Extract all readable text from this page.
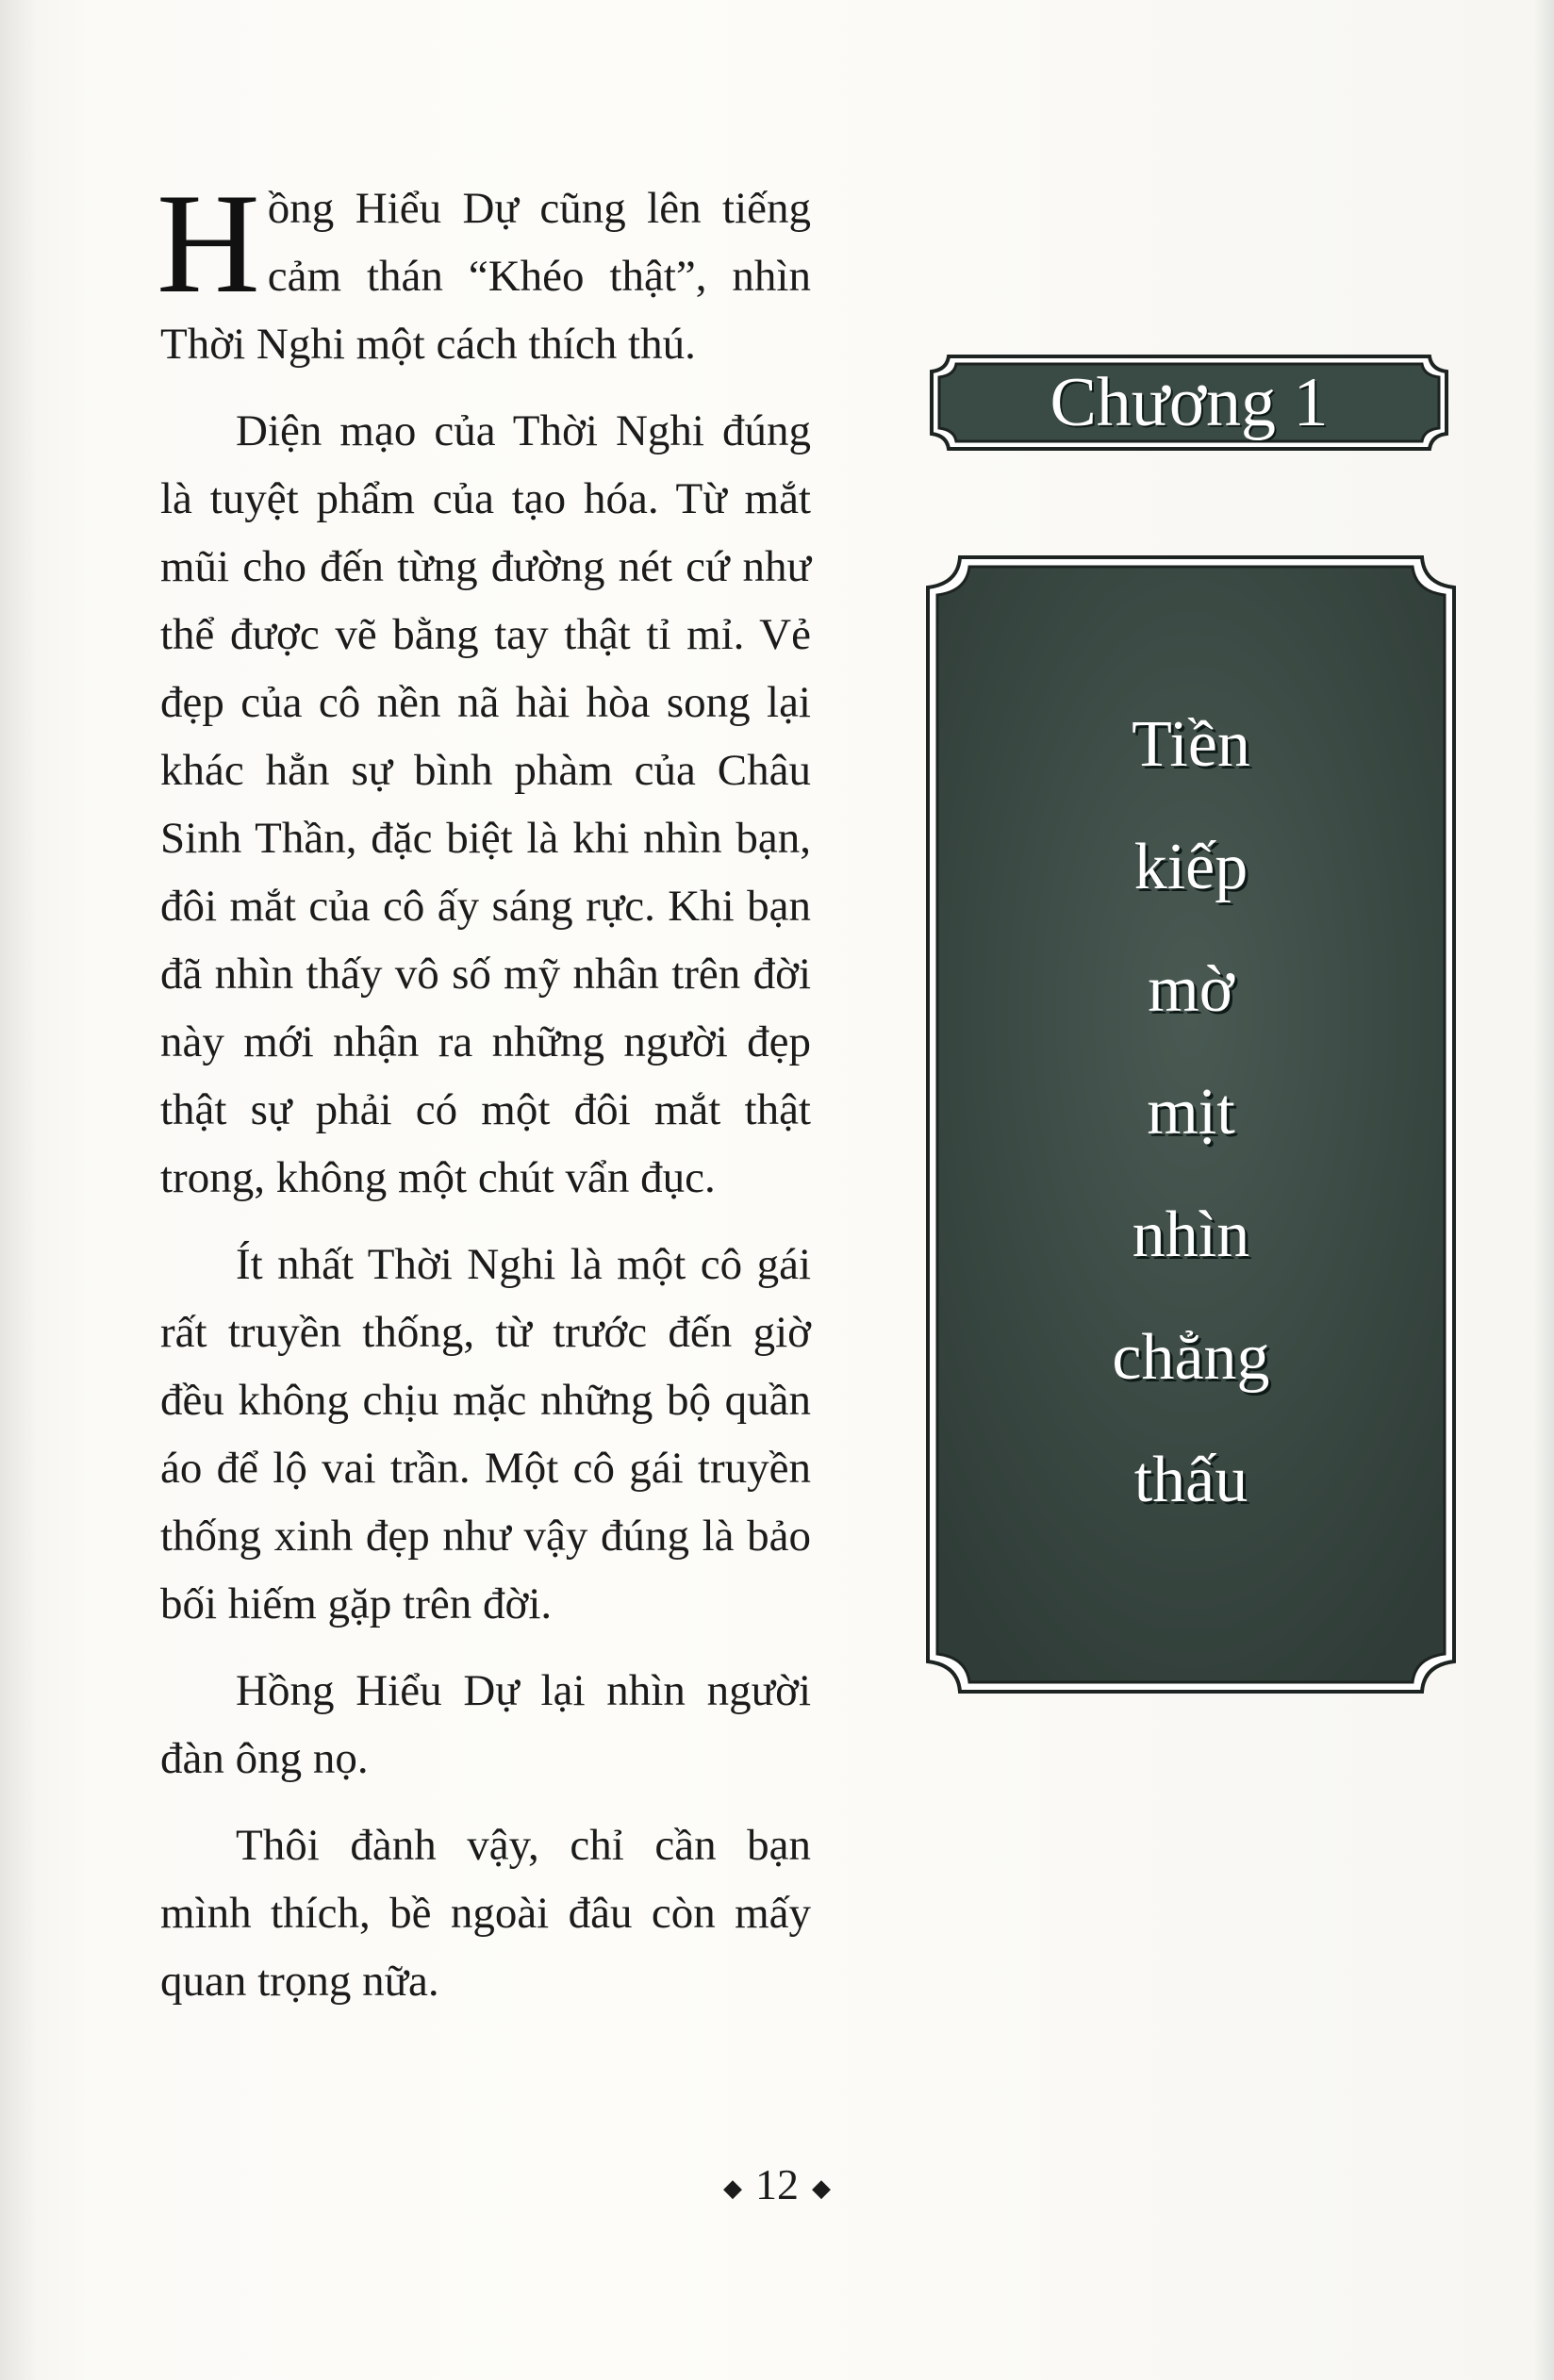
Hồng Hiểu Dự cũng lên tiếng cảm thán “Khéo thật”, nhìn Thời Nghi một cách thích thú.

Diện mạo của Thời Nghi đúng là tuyệt phẩm của tạo hóa. Từ mắt mũi cho đến từng đường nét cứ như thể được vẽ bằng tay thật tỉ mỉ. Vẻ đẹp của cô nền nã hài hòa song lại khác hẳn sự bình phàm của Châu Sinh Thần, đặc biệt là khi nhìn bạn, đôi mắt của cô ấy sáng rực. Khi bạn đã nhìn thấy vô số mỹ nhân trên đời này mới nhận ra những người đẹp thật sự phải có một đôi mắt thật trong, không một chút vẩn đục.

Ít nhất Thời Nghi là một cô gái rất truyền thống, từ trước đến giờ đều không chịu mặc những bộ quần áo để lộ vai trần. Một cô gái truyền thống xinh đẹp như vậy đúng là bảo bối hiếm gặp trên đời.

Hồng Hiểu Dự lại nhìn người đàn ông nọ.

Thôi đành vậy, chỉ cần bạn mình thích, bề ngoài đâu còn mấy quan trọng nữa.

Chương 1
Tiền
kiếp
mờ
mịt
nhìn
chẳng
thấu
◆ 12 ◆
